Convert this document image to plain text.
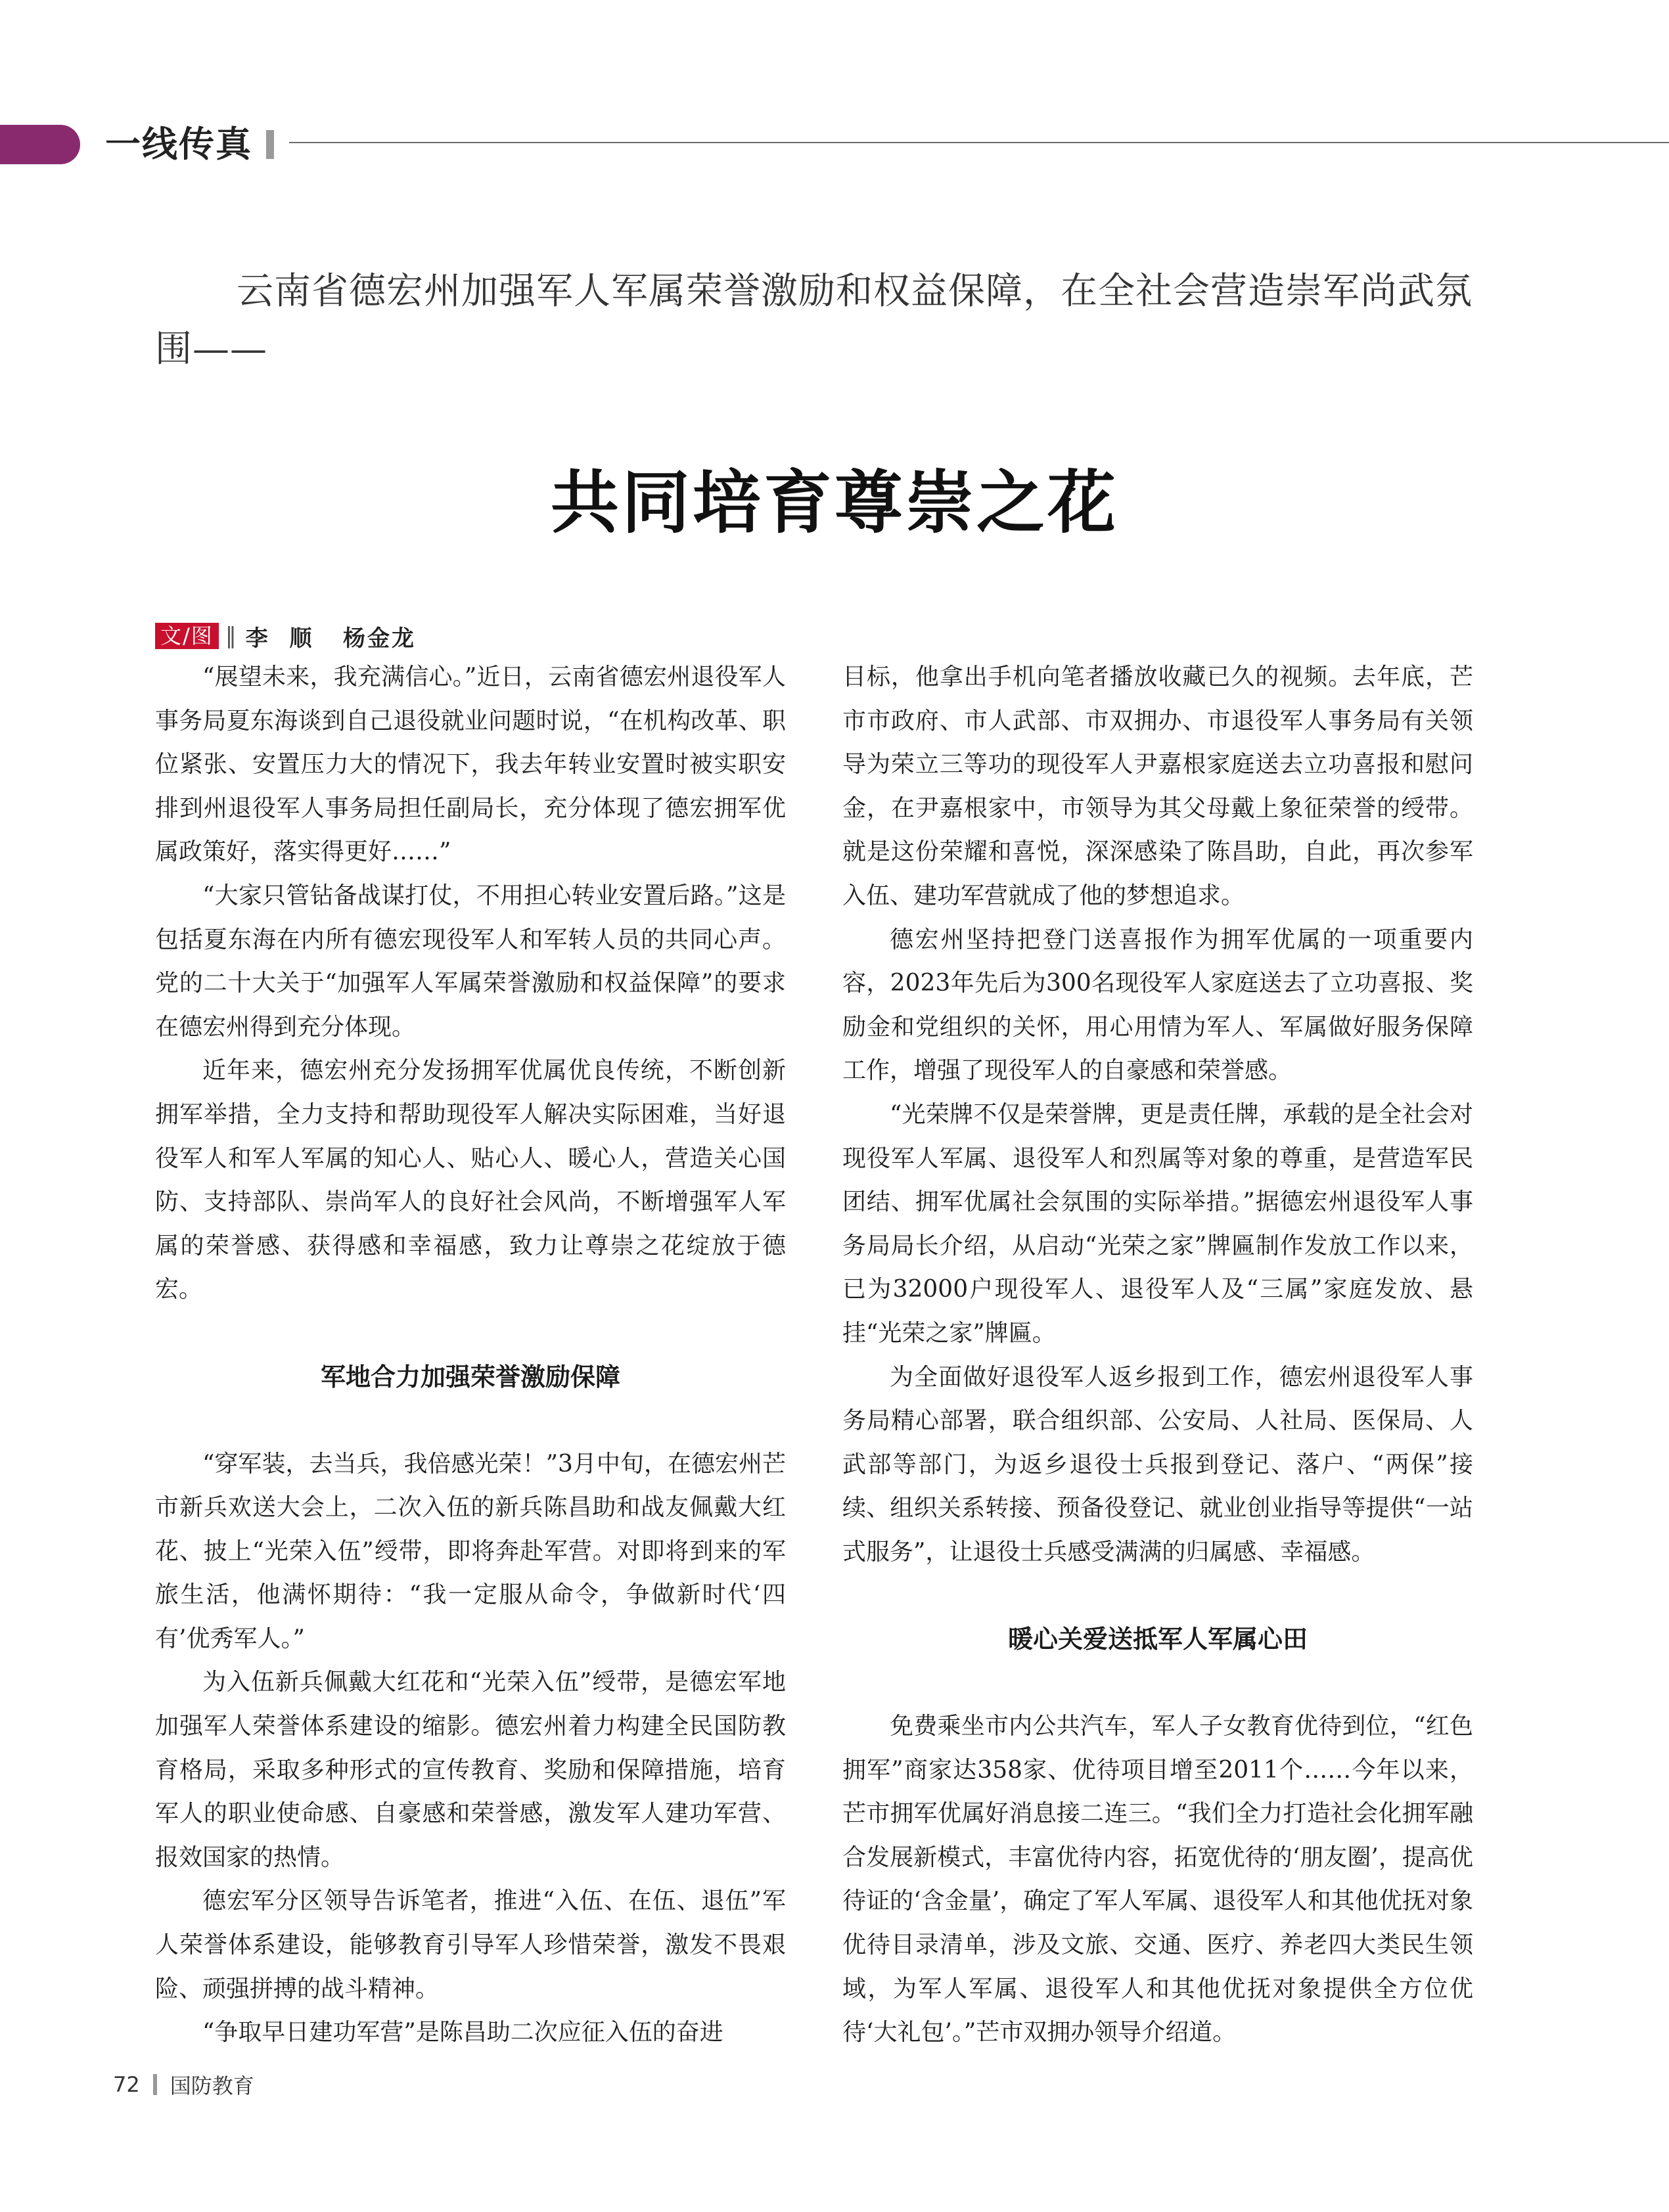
一线传真
云南省德宏州加强军人军属荣誉激励和权益保障，在全社会营造崇军尚武氛围——
共同培育尊崇之花
文/图 ‖ 李  顺   杨金龙

“展望未来，我充满信心。”近日，云南省德宏州退役军人事务局夏东海谈到自己退役就业问题时说，“在机构改革、职位紧张、安置压力大的情况下，我去年转业安置时被实职安排到州退役军人事务局担任副局长，充分体现了德宏拥军优属政策好，落实得更好……”

“大家只管钻备战谋打仗，不用担心转业安置后路。”这是包括夏东海在内所有德宏现役军人和军转人员的共同心声。党的二十大关于“加强军人军属荣誉激励和权益保障”的要求在德宏州得到充分体现。

近年来，德宏州充分发扬拥军优属优良传统，不断创新拥军举措，全力支持和帮助现役军人解决实际困难，当好退役军人和军人军属的知心人、贴心人、暖心人，营造关心国防、支持部队、崇尚军人的良好社会风尚，不断增强军人军属的荣誉感、获得感和幸福感，致力让尊崇之花绽放于德宏。

军地合力加强荣誉激励保障

“穿军装，去当兵，我倍感光荣！”3月中旬，在德宏州芒市新兵欢送大会上，二次入伍的新兵陈昌助和战友佩戴大红花、披上“光荣入伍”绶带，即将奔赴军营。对即将到来的军旅生活，他满怀期待：“我一定服从命令，争做新时代‘四有’优秀军人。”

为入伍新兵佩戴大红花和“光荣入伍”绶带，是德宏军地加强军人荣誉体系建设的缩影。德宏州着力构建全民国防教育格局，采取多种形式的宣传教育、奖励和保障措施，培育军人的职业使命感、自豪感和荣誉感，激发军人建功军营、报效国家的热情。

德宏军分区领导告诉笔者，推进“入伍、在伍、退伍”军人荣誉体系建设，能够教育引导军人珍惜荣誉，激发不畏艰险、顽强拼搏的战斗精神。

“争取早日建功军营”是陈昌助二次应征入伍的奋进

目标，他拿出手机向笔者播放收藏已久的视频。去年底，芒市市政府、市人武部、市双拥办、市退役军人事务局有关领导为荣立三等功的现役军人尹嘉根家庭送去立功喜报和慰问金，在尹嘉根家中，市领导为其父母戴上象征荣誉的绶带。就是这份荣耀和喜悦，深深感染了陈昌助，自此，再次参军入伍、建功军营就成了他的梦想追求。

德宏州坚持把登门送喜报作为拥军优属的一项重要内容，2023年先后为300名现役军人家庭送去了立功喜报、奖励金和党组织的关怀，用心用情为军人、军属做好服务保障工作，增强了现役军人的自豪感和荣誉感。

“光荣牌不仅是荣誉牌，更是责任牌，承载的是全社会对现役军人军属、退役军人和烈属等对象的尊重，是营造军民团结、拥军优属社会氛围的实际举措。”据德宏州退役军人事务局局长介绍，从启动“光荣之家”牌匾制作发放工作以来，已为32000户现役军人、退役军人及“三属”家庭发放、悬挂“光荣之家”牌匾。

为全面做好退役军人返乡报到工作，德宏州退役军人事务局精心部署，联合组织部、公安局、人社局、医保局、人武部等部门，为返乡退役士兵报到登记、落户、“两保”接续、组织关系转接、预备役登记、就业创业指导等提供“一站式服务”，让退役士兵感受满满的归属感、幸福感。

暖心关爱送抵军人军属心田

免费乘坐市内公共汽车，军人子女教育优待到位，“红色拥军”商家达358家、优待项目增至2011个……今年以来，芒市拥军优属好消息接二连三。“我们全力打造社会化拥军融合发展新模式，丰富优待内容，拓宽优待的‘朋友圈’，提高优待证的‘含金量’，确定了军人军属、退役军人和其他优抚对象优待目录清单，涉及文旅、交通、医疗、养老四大类民生领域，为军人军属、退役军人和其他优抚对象提供全方位优待‘大礼包’。”芒市双拥办领导介绍道。

72 国防教育
